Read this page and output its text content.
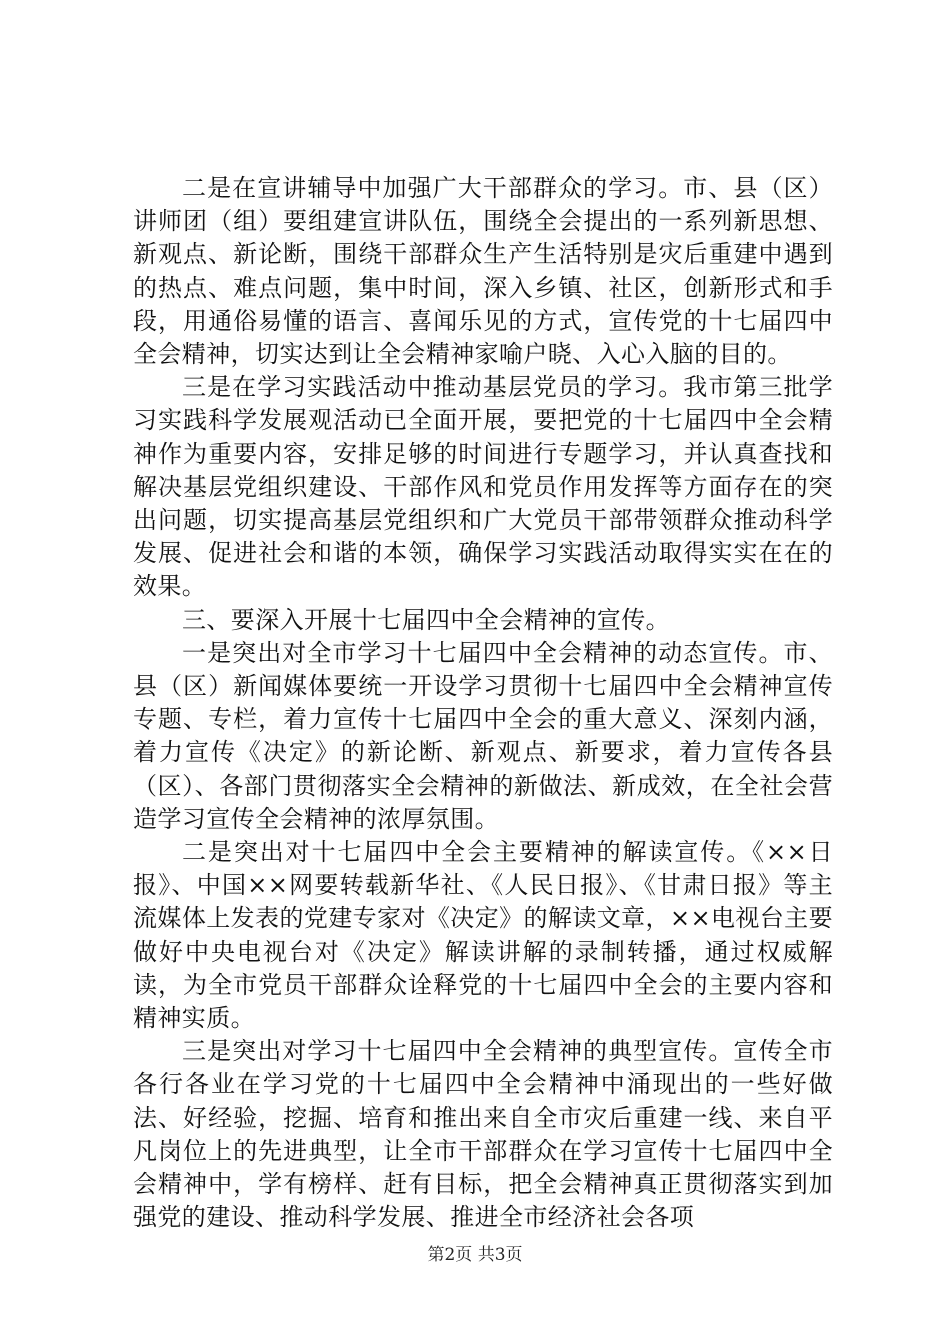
二是在宣讲辅导中加强广大干部群众的学习。市、县（区）讲师团（组）要组建宣讲队伍，围绕全会提出的一系列新思想、新观点、新论断，围绕干部群众生产生活特别是灾后重建中遇到的热点、难点问题，集中时间，深入乡镇、社区，创新形式和手段，用通俗易懂的语言、喜闻乐见的方式，宣传党的十七届四中全会精神，切实达到让全会精神家喻户晓、入心入脑的目的。

三是在学习实践活动中推动基层党员的学习。我市第三批学习实践科学发展观活动已全面开展，要把党的十七届四中全会精神作为重要内容，安排足够的时间进行专题学习，并认真查找和解决基层党组织建设、干部作风和党员作用发挥等方面存在的突出问题，切实提高基层党组织和广大党员干部带领群众推动科学发展、促进社会和谐的本领，确保学习实践活动取得实实在在的效果。

三、要深入开展十七届四中全会精神的宣传。

一是突出对全市学习十七届四中全会精神的动态宣传。市、县（区）新闻媒体要统一开设学习贯彻十七届四中全会精神宣传专题、专栏，着力宣传十七届四中全会的重大意义、深刻内涵，着力宣传《决定》的新论断、新观点、新要求，着力宣传各县（区）、各部门贯彻落实全会精神的新做法、新成效，在全社会营造学习宣传全会精神的浓厚氛围。

二是突出对十七届四中全会主要精神的解读宣传。《××日报》、中国××网要转载新华社、《人民日报》、《甘肃日报》等主流媒体上发表的党建专家对《决定》的解读文章，××电视台主要做好中央电视台对《决定》解读讲解的录制转播，通过权威解读，为全市党员干部群众诠释党的十七届四中全会的主要内容和精神实质。

三是突出对学习十七届四中全会精神的典型宣传。宣传全市各行各业在学习党的十七届四中全会精神中涌现出的一些好做法、好经验，挖掘、培育和推出来自全市灾后重建一线、来自平凡岗位上的先进典型，让全市干部群众在学习宣传十七届四中全会精神中，学有榜样、赶有目标，把全会精神真正贯彻落实到加强党的建设、推动科学发展、推进全市经济社会各项

第2页 共3页
